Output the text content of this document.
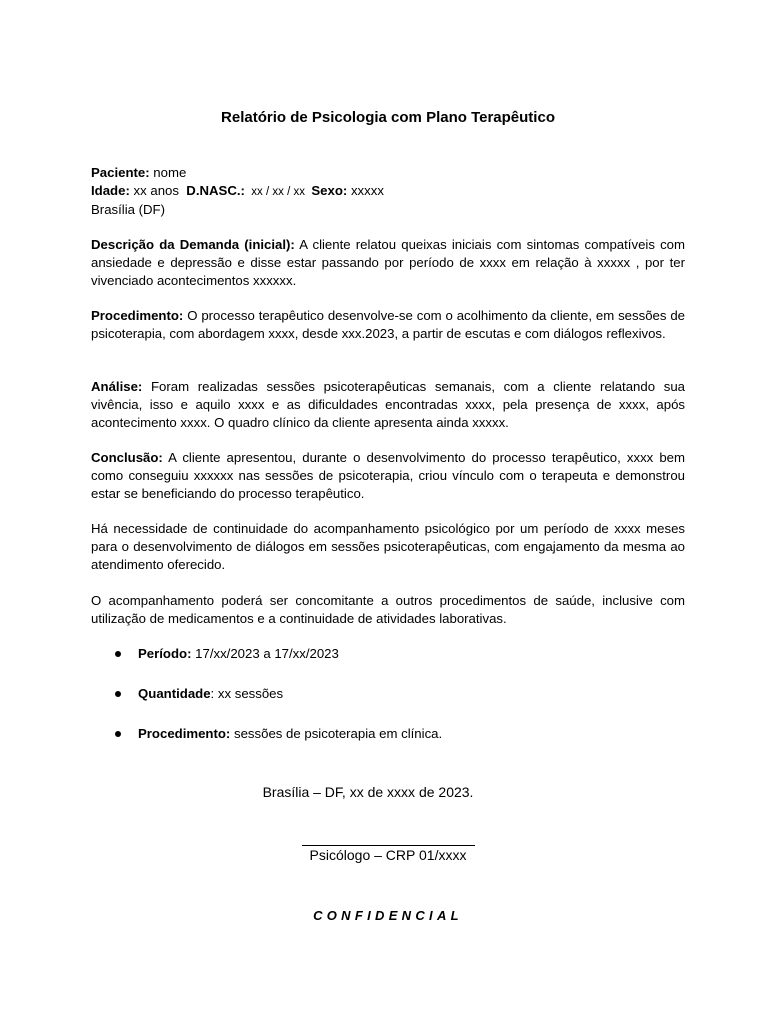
Relatório de Psicologia com Plano Terapêutico
Paciente: nome
Idade: xx anos  D.NASC.:  xx / xx / xx  Sexo: xxxxx
Brasília (DF)
Descrição da Demanda (inicial): A cliente relatou queixas iniciais com sintomas compatíveis com ansiedade e depressão e disse estar passando por período de xxxx em relação à xxxxx , por ter vivenciado acontecimentos xxxxxx.
Procedimento: O processo terapêutico desenvolve-se com o acolhimento da cliente, em sessões de psicoterapia, com abordagem xxxx, desde xxx.2023, a partir de escutas e com diálogos reflexivos.
Análise: Foram realizadas sessões psicoterapêuticas semanais, com a cliente relatando sua vivência, isso e aquilo xxxx e as dificuldades encontradas xxxx, pela presença de xxxx, após acontecimento xxxx. O quadro clínico da cliente apresenta ainda xxxxx.
Conclusão: A cliente apresentou, durante o desenvolvimento do processo terapêutico, xxxx bem como conseguiu xxxxxx nas sessões de psicoterapia, criou vínculo com o terapeuta e demonstrou estar se beneficiando do processo terapêutico.
Há necessidade de continuidade do acompanhamento psicológico por um período de xxxx meses para o desenvolvimento de diálogos em sessões psicoterapêuticas, com engajamento da mesma ao atendimento oferecido.
O acompanhamento poderá ser concomitante a outros procedimentos de saúde, inclusive com utilização de medicamentos e a continuidade de atividades laborativas.
Período: 17/xx/2023 a 17/xx/2023
Quantidade: xx sessões
Procedimento: sessões de psicoterapia em clínica.
Brasília – DF, xx de xxxx de 2023.
Psicólogo – CRP 01/xxxx
CONFIDENCIAL
